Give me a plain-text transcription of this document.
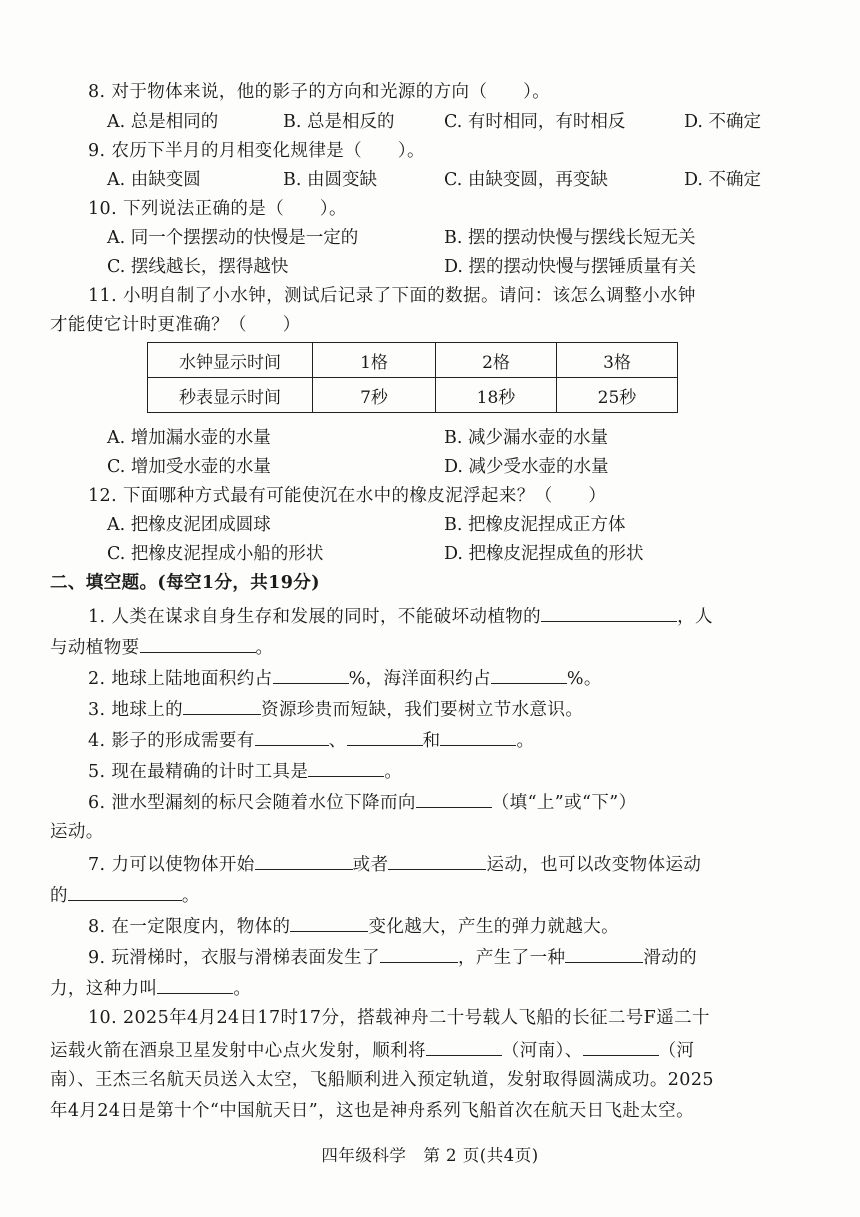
8. 对于物体来说，他的影子的方向和光源的方向（　　）。
A. 总是相同的	B. 总是相反的	C. 有时相同，有时相反	D. 不确定
9. 农历下半月的月相变化规律是（　　）。
A. 由缺变圆	B. 由圆变缺	C. 由缺变圆，再变缺	D. 不确定
10. 下列说法正确的是（　　）。
A. 同一个摆摆动的快慢是一定的	B. 摆的摆动快慢与摆线长短无关
C. 摆线越长，摆得越快	D. 摆的摆动快慢与摆锤质量有关
11. 小明自制了小水钟，测试后记录了下面的数据。请问：该怎么调整小水钟
才能使它计时更准确？（　　）
水钟显示时间	1格	2格	3格
秒表显示时间	7秒	18秒	25秒
A. 增加漏水壶的水量	B. 减少漏水壶的水量
C. 增加受水壶的水量	D. 减少受水壶的水量
12. 下面哪种方式最有可能使沉在水中的橡皮泥浮起来？（　　）
A. 把橡皮泥团成圆球	B. 把橡皮泥捏成正方体
C. 把橡皮泥捏成小船的形状	D. 把橡皮泥捏成鱼的形状
二、填空题。(每空1分，共19分)
1. 人类在谋求自身生存和发展的同时，不能破坏动植物的	，人
与动植物要	。
2. 地球上陆地面积约占	%，海洋面积约占	%。
3. 地球上的	资源珍贵而短缺，我们要树立节水意识。
4. 影子的形成需要有	、	和	。
5. 现在最精确的计时工具是	。
6. 泄水型漏刻的标尺会随着水位下降而向	（填“上”或“下”）
运动。
7. 力可以使物体开始	或者	运动，也可以改变物体运动
的	。
8. 在一定限度内，物体的	变化越大，产生的弹力就越大。
9. 玩滑梯时，衣服与滑梯表面发生了	，产生了一种	滑动的
力，这种力叫	。
10. 2025年4月24日17时17分，搭载神舟二十号载人飞船的长征二号F遥二十
运载火箭在酒泉卫星发射中心点火发射，顺利将	（河南）、	（河
南）、王杰三名航天员送入太空，飞船顺利进入预定轨道，发射取得圆满成功。2025
年4月24日是第十个“中国航天日”，这也是神舟系列飞船首次在航天日飞赴太空。
四年级科学　第 2 页(共4页)
